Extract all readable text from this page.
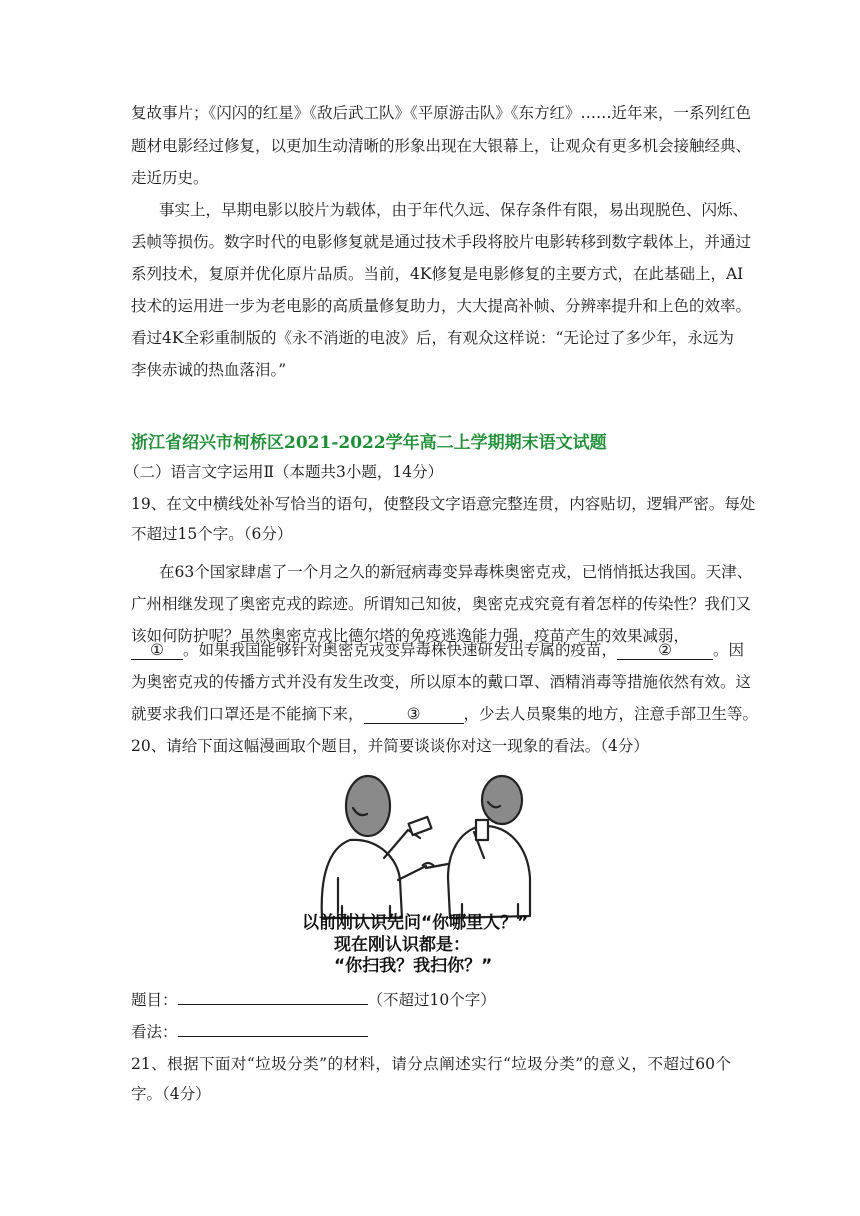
复故事片；《闪闪的红星》《敌后武工队》《平原游击队》《东方红》……近年来，一系列红色
题材电影经过修复，以更加生动清晰的形象出现在大银幕上，让观众有更多机会接触经典、
走近历史。
事实上，早期电影以胶片为载体，由于年代久远、保存条件有限，易出现脱色、闪烁、
丢帧等损伤。数字时代的电影修复就是通过技术手段将胶片电影转移到数字载体上，并通过
系列技术，复原并优化原片品质。当前，4K修复是电影修复的主要方式，在此基础上，AI
技术的运用进一步为老电影的高质量修复助力，大大提高补帧、分辨率提升和上色的效率。
看过4K全彩重制版的《永不消逝的电波》后，有观众这样说：“无论过了多少年，永远为
李侠赤诚的热血落泪。”
浙江省绍兴市柯桥区2021-2022学年高二上学期期末语文试题
（二）语言文字运用Ⅱ（本题共3小题，14分）
19、在文中横线处补写恰当的语句，使整段文字语意完整连贯，内容贴切，逻辑严密。每处
不超过15个字。（6分）
在63个国家肆虐了一个月之久的新冠病毒变异毒株奥密克戎，已悄悄抵达我国。天津、
广州相继发现了奥密克戎的踪迹。所谓知己知彼，奥密克戎究竟有着怎样的传染性？我们又
该如何防护呢？虽然奥密克戎比德尔塔的免疫逃逸能力强，疫苗产生的效果减弱，
① 。如果我国能够针对奥密克戎变异毒株快速研发出专属的疫苗，	②	。因
为奥密克戎的传播方式并没有发生改变，所以原本的戴口罩、酒精消毒等措施依然有效。这
就要求我们口罩还是不能摘下来，	③	，少去人员聚集的地方，注意手部卫生等。
20、请给下面这幅漫画取个题目，并简要谈谈你对这一现象的看法。（4分）
以前刚认识先问“你哪里人？”
现在刚认识都是：
“你扫我？我扫你？”
题目：	（不超过10个字）
看法：
21、根据下面对“垃圾分类”的材料，请分点阐述实行“垃圾分类”的意义，不超过60个
字。（4分）
